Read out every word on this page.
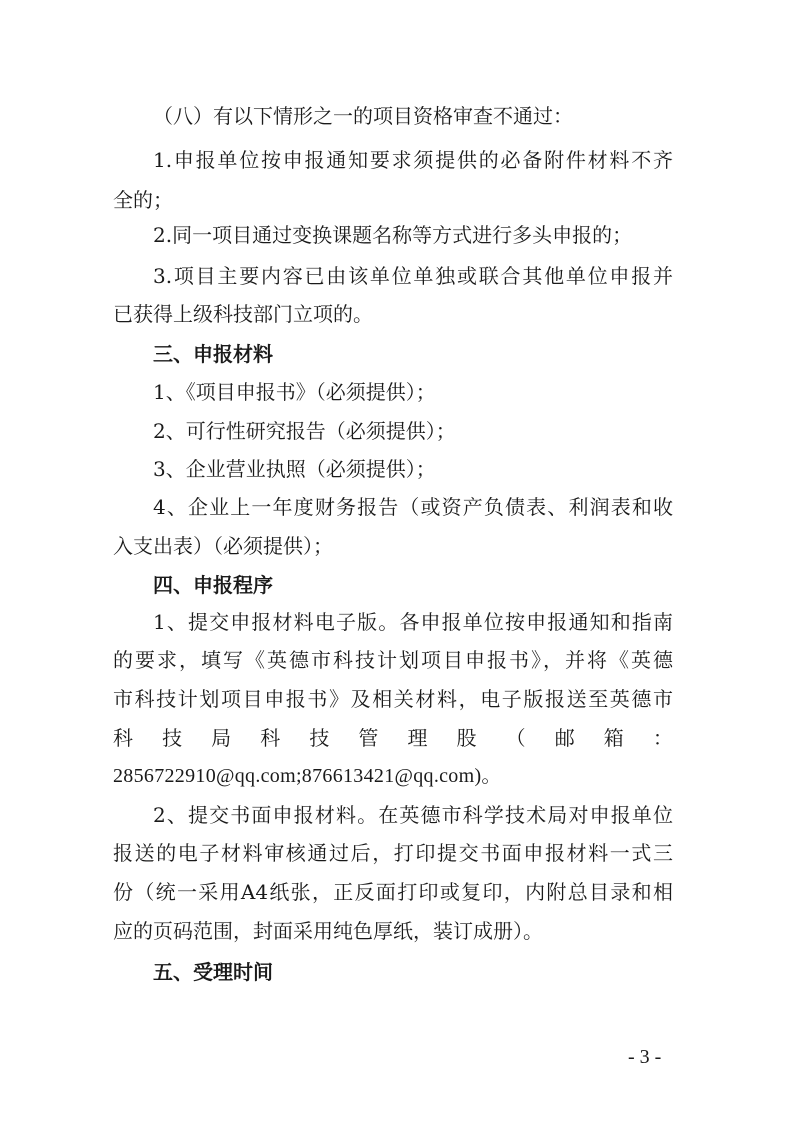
（八）有以下情形之一的项目资格审查不通过：
1.申报单位按申报通知要求须提供的必备附件材料不齐
全的；
2.同一项目通过变换课题名称等方式进行多头申报的；
3.项目主要内容已由该单位单独或联合其他单位申报并
已获得上级科技部门立项的。
三、申报材料
1、《项目申报书》（必须提供）；
2、可行性研究报告（必须提供）；
3、企业营业执照（必须提供）；
4、企业上一年度财务报告（或资产负债表、利润表和收
入支出表）（必须提供）；
四、申报程序
1、提交申报材料电子版。各申报单位按申报通知和指南
的要求，填写《英德市科技计划项目申报书》，并将《英德
市科技计划项目申报书》及相关材料，电子版报送至英德市
科 技 局 科 技 管 理 股 （ 邮 箱 ：
2856722910@qq.com;876613421@qq.com)。
2、提交书面申报材料。在英德市科学技术局对申报单位
报送的电子材料审核通过后，打印提交书面申报材料一式三
份（统一采用A4纸张，正反面打印或复印，内附总目录和相
应的页码范围，封面采用纯色厚纸，装订成册）。
五、受理时间
- 3 -
